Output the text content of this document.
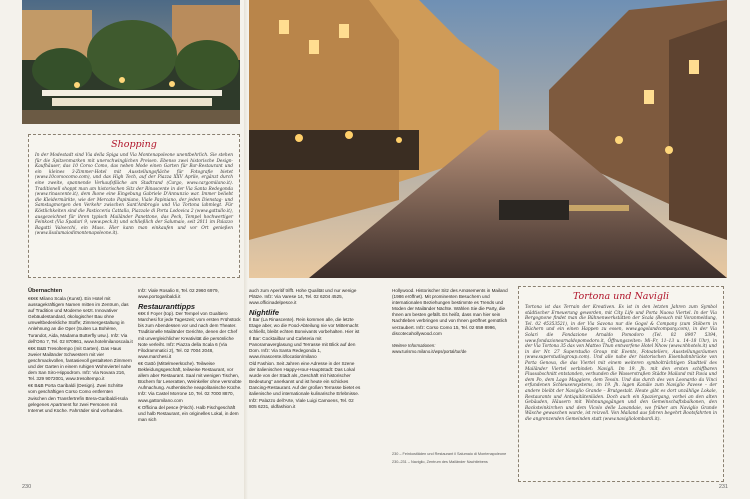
Shopping
In der Modestadt sind Via della Spiga und Via Montenapoleone unentbehrlich. Sie stehen für die Spitzenmarken mit unerschwinglichen Preisen. Ebenso zwei historische Design-Kaufhäuser, das 10 Corso Como, das neben Mode einen Garten für Bar-Restaurant und ein kleines 3-Zimmer-Hotel mit Ausstellungsfläche für Fotografie bietet (www.10corsocomo.com), und das High Tech, auf der Piazza XXV Aprile, ergänzt durch eine zweite, spannende Verkaufsfläche am Stadtrand (Cargo, www.cargomilano.it). Traditionell shoppt man am historischen Sitz der Rinascente in der Via Santa Redegonda (www.rinascente.it), dem Ikone eine Eingebung Gabriele D'Annunzio war. Immer beliebt die Kleidermärkte, wie der Mercato Papiniano, Viale Papiniano, der jeden Dienstag- und Samstagmorgen den Verkehr zwischen Sant'Ambrogio und Via Tortona lahmlegt. Für Köstlichkeiten sind die Pasticceria Cattalla, Piazzale di Porta Lodovica 2 (www.gattullo.it), ausgezeichnet für ihren typisch Mailänder Panettone, das Peck, Tempel hochwertiger Feinkost (Via Spadari 9, www.peck.it) und schließlich der Salumaio, seit 2011 im Palazzo Bagatti Valsecchi, ein Muss. Hier kann man einkaufen und vor Ort genießen (www.ilsalumaiodimontenapoleone.it).
Übernachten

€€€€ Milano Scala (Kunst). Ein Hotel mit aussagekräftigem Namen mitten im Zentrum, das auf Tradition und Moderne setzt. Innovativer Gebäudestandard, ökologischer Bau ohne umweltbedenkliche Stoffe; Zimmergestaltung in Anlehnung an die Oper (Suiten La Bohème, Turandot, Aida, Madama Butterfly usw.). Infz: Via dell'Orto 7, Tel. 02 870961, www.hotelmilanoscala.it

€€€ B&B Tresoltempo (mit Garten). Das Haus zweier Mailänder Schwestern mit vier geschmackvollen, fantasievoll gestalteten Zimmern und der Garten in einem ruhigen Wohnviertel nahe dem San Siro-Hippodrom. Infz: Via Novara 216, Tel. 329 9072001, www.tresoltempo.it

€€ B&B Porta Garibaldi (Design). Zwei Schritte vom geschäftigen Corso Como entfernten zwischen den Transfertrefin Brera-Garibaldi-Isola gelegenes Apartment für zwei Personen mit Internet und Küche. Fahrräder sind vorhanden.

Infz: Viale Rosalio 8, Tel. 02 2960 6979, www.portogaribaldi.it

Restauranttipps

€€€ Il Foyer (top). Der Tempel von Gualtiero Marchesi für jede Tageszeit; vom ersten Frühstück bis zum Abendessen vor und nach dem Theater. Traditionelle Mailänder Gerichte, denen der Chef mit unvergleichlicher Kreativität die persönliche Note verleiht. Infz: Piazza della Scala 6 (Via Filodrammatici 2), Tel. 02 7004 2048, www.marchesi.it

€€ Gattò (Mittelmeerküche). Teilweise Bekleidungsgeschäft, teilweise Restaurant, vor allem aber Restaurant. Saal mit wenigen Tischen, Büchern für Leseratten, Weinkeller ohne versnobte Aufmachung. Authentische neapolitanische Küche. Infz: Via Castel Morrone 10, Tel. 02 7000 8870, www.gattomilano.com

€ Officina del pesce (Fisch). Halb Fischgeschäft und halb Restaurant, ein originelles Lokal, in dem man sich

auch zum Aperitif trifft. Hohe Qualität und nur wenige Plätze. Infz: Via Varese 14, Tel. 02 6204 4525, www.officinadelpesce.it

Nightlife

Il Bar (La Rinascente). Rein kommen alle, die letzte Etage aber, wo die Food-Abteilung nie vor Mitternacht schließt, bleibt echten Bonvivants vorbehalten. Hier ist Il Bar: Cocktailbar und Cafeteria mit Panoramaverglasung und Terrasse mit Blick auf den Dom. Infz: Via Santa Redegonda 1, www.rinascente.it/location/milano

Old Fashion. Seit Jahren eine Adresse in der Szene der italienischen Happy-Hour-Hauptstadt: Das Lokal wurde von der Stadt als „Geschäft mit historischer Bedeutung“ anerkannt und ist heute ein schickes Dancing-Restaurant. Auf der großen Terrasse bietet es italienische und internationale kulinarische Erlebnisse. Infz: Palazzo dell'Arte, Viale Luigi Camoens, Tel. 02 805 6231, oldfashion.it

Hollywood. Historischer Sitz des Amüsements in Mailand (1986 eröffnet). Mit prominenten Besuchern und internationalen Beziehungen bestimmte es Trends und Moden der Mailänder Nächte. Wählen Sie die Party, die Ihnen am besten gefällt. Es heißt, dass man hier sein Nachtleben verbringen und von Ihnen geöffnet gemütlich verzaubert. Infz: Corso Como 15, Tel. 02 659 8996, discotecahollywood.com

Weitere Informationen:
www.turismo.milano.it/wps/portal/tur/de

230 – Feinkostläden und Restaurant il Salumaio di Montenapoleone

230–231 – Naviglio, Zentrum des Mailänder Nachtlebens

Tortona und Navigli
Tortona ist das Terrain der Kreativen. Es ist in den letzten Jahren zum Symbol städtischer Erneuerung geworden, mit City Life und Porta Nuova Viertel. In der Via Bergognone findet man die Bühnenwerkstätten der Scala (Besuch mit Voranmeldung, Tel. 02 45353521), in der Via Savona nur die Gogol & Company (zum Stöbern in Büchern und ein einen Happen zu essen, www.gogolandcompany.com), in der Via Solari die Fondazione Arnaldo Pomodoro (Tel. 02 8907 5394, www.fondazionearnaldopomodoro.it, Öffnungszeiten: Mi–Fr, 11–13 u. 14–18 Uhr), in der Via Tortona 35 das von Matteo Thun entworfene Hotel Nhow (www.nhhotels.it) und in der Nr. 27 Superstudio Group mit Events, Fotoateliers, Ausstellungsräumen (www.superstudiogroup.com). Und alle nahe der historischen Eisenbahnbrücke von Porta Genova, die das Viertel mit einem weiteren symbolträchtigen Stadtteil des Mailänder Viertel verbindet: Navigli. Im 19. Jh. mit den ersten schiffbaren Flussabschnitt entstanden, verbunden die Wasserstraßen Städte Mailand mit Pavia und dem Po, dem Lago Maggiore, dem Tessin. Und das durch des von Leonardo da Vinci erfundenen Schleusensystems, im 19. Jh. lagen Kanäle zum Naviglio Pavese – der andere bleibt der Naviglio Grande – Brutgestalt. Heute gibt es dort unzählige Lokale, Restaurants und Antiquitätenläden. Doch auch ein Spaziergang, vorbei an den alten Gebäuden, Häusern mit Wohnungsgängen und den Gemeinschaftsbalkonen, den Backsteinkirchen und dem Vicolo delle Lavandaie, wo früher am Naviglio Grande Wäsche gewaschen wurde, ist reizvoll. Von Mailand aus fahren begehrt Bootsfahrten in die angrenzenden Gemeinden statt (www.navigliolombardi.it).
230	231
